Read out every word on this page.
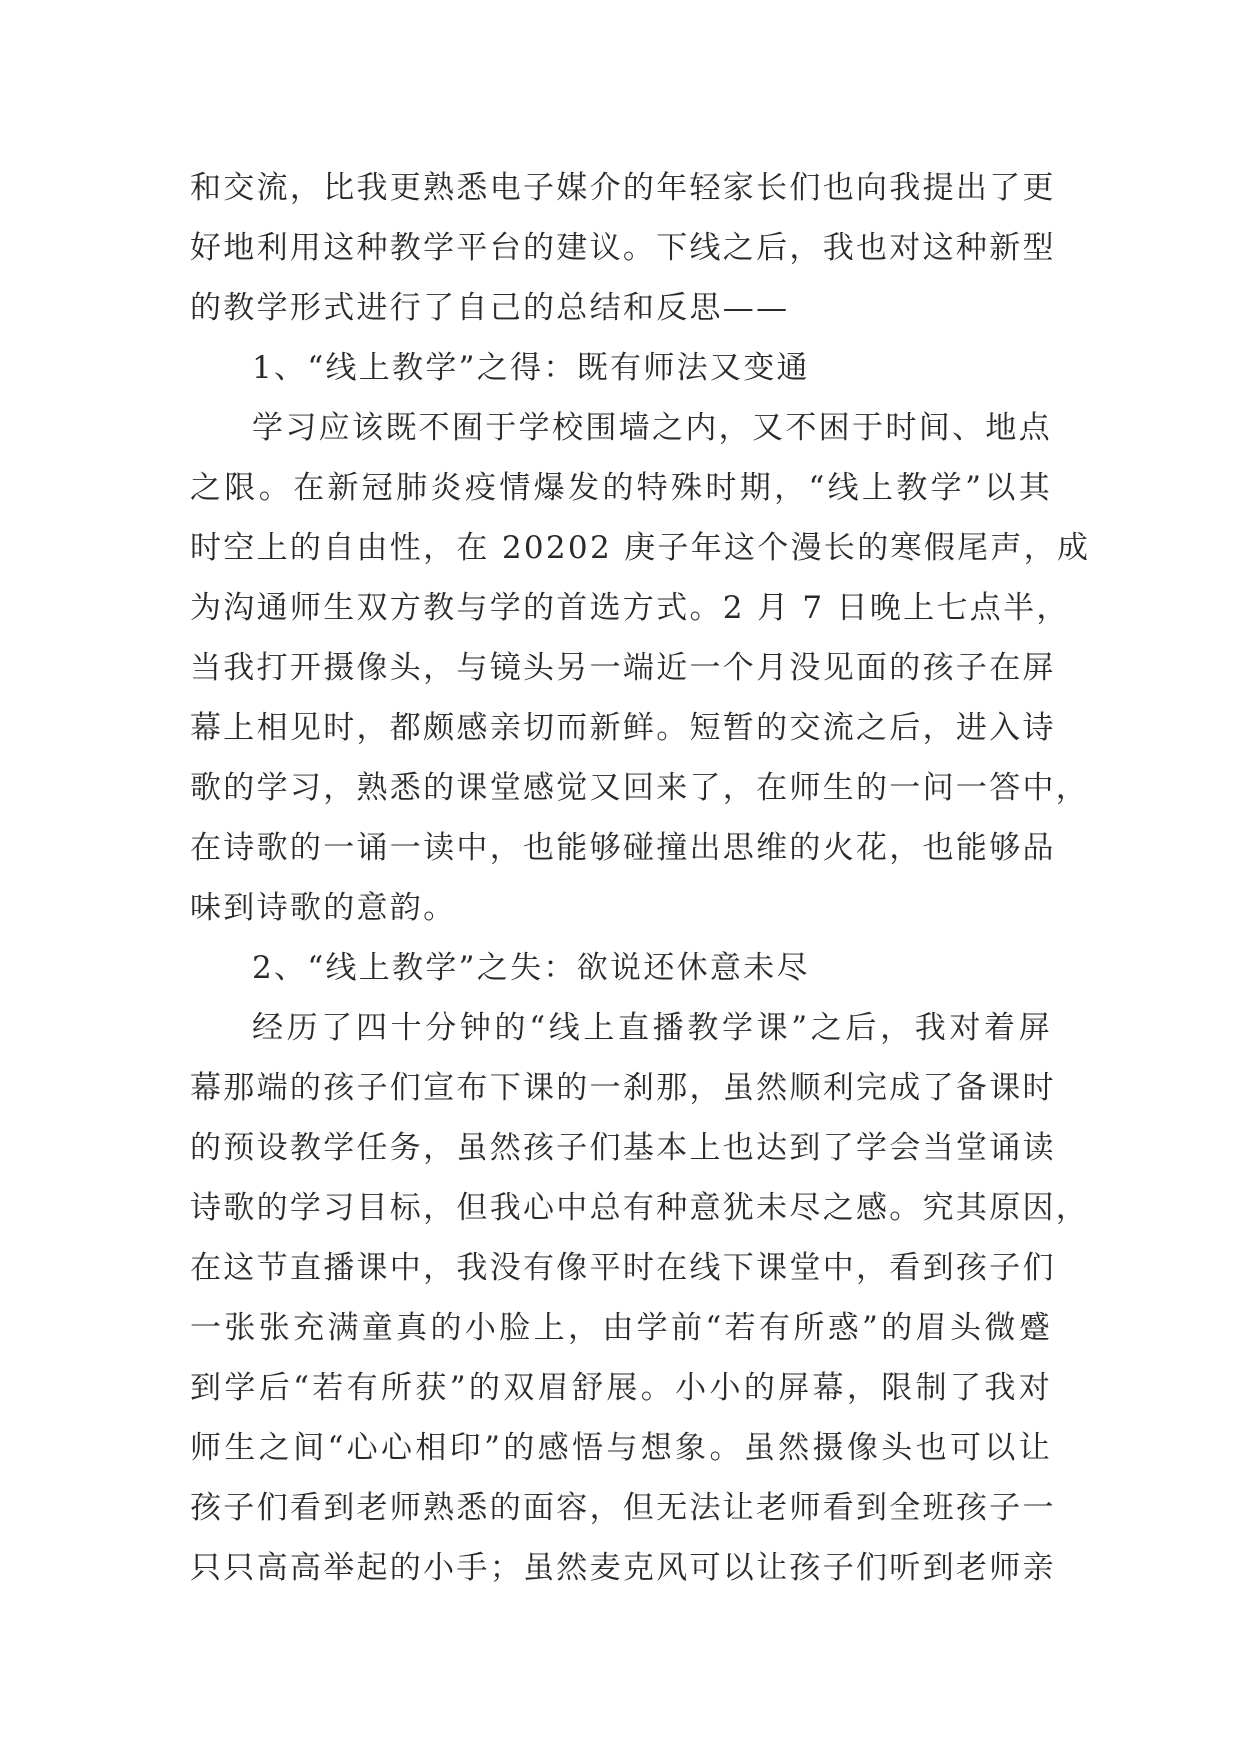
和交流，比我更熟悉电子媒介的年轻家长们也向我提出了更
好地利用这种教学平台的建议。下线之后，我也对这种新型
的教学形式进行了自己的总结和反思——
1、“线上教学”之得：既有师法又变通
学习应该既不囿于学校围墙之内，又不困于时间、地点
之限。在新冠肺炎疫情爆发的特殊时期，“线上教学”以其
时空上的自由性，在 20202 庚子年这个漫长的寒假尾声，成
为沟通师生双方教与学的首选方式。2 月 7 日晚上七点半，
当我打开摄像头，与镜头另一端近一个月没见面的孩子在屏
幕上相见时，都颇感亲切而新鲜。短暂的交流之后，进入诗
歌的学习，熟悉的课堂感觉又回来了，在师生的一问一答中，
在诗歌的一诵一读中，也能够碰撞出思维的火花，也能够品
味到诗歌的意韵。
2、“线上教学”之失：欲说还休意未尽
经历了四十分钟的“线上直播教学课”之后，我对着屏
幕那端的孩子们宣布下课的一刹那，虽然顺利完成了备课时
的预设教学任务，虽然孩子们基本上也达到了学会当堂诵读
诗歌的学习目标，但我心中总有种意犹未尽之感。究其原因，
在这节直播课中，我没有像平时在线下课堂中，看到孩子们
一张张充满童真的小脸上，由学前“若有所惑”的眉头微蹙
到学后“若有所获”的双眉舒展。小小的屏幕，限制了我对
师生之间“心心相印”的感悟与想象。虽然摄像头也可以让
孩子们看到老师熟悉的面容，但无法让老师看到全班孩子一
只只高高举起的小手；虽然麦克风可以让孩子们听到老师亲
